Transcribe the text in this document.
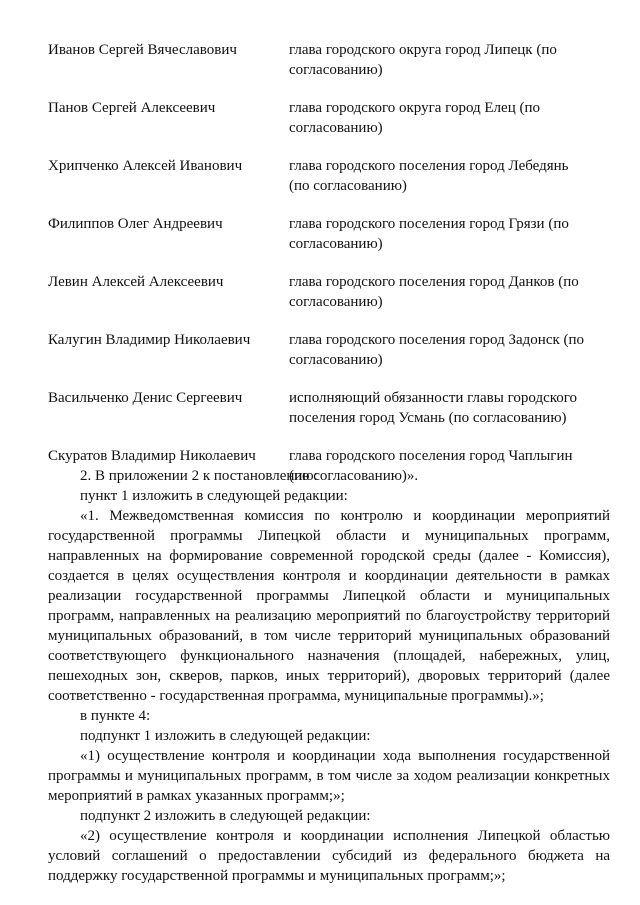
Иванов Сергей Вячеславович	глава городского округа город Липецк (по согласованию)
Панов Сергей Алексеевич	глава городского округа город Елец (по согласованию)
Хрипченко Алексей Иванович	глава городского поселения город Лебедянь (по согласованию)
Филиппов Олег Андреевич	глава городского поселения город Грязи (по согласованию)
Левин Алексей Алексеевич	глава городского поселения город Данков (по согласованию)
Калугин Владимир Николаевич	глава городского поселения город Задонск (по согласованию)
Васильченко Денис Сергеевич	исполняющий обязанности главы городского поселения город Усмань (по согласованию)
Скуратов Владимир Николаевич	глава городского поселения город Чаплыгин (по согласованию)».

2. В приложении 2 к постановлению:

пункт 1 изложить в следующей редакции:

«1. Межведомственная комиссия по контролю и координации мероприятий государственной программы Липецкой области и муниципальных программ, направленных на формирование современной городской среды (далее - Комиссия), создается в целях осуществления контроля и координации деятельности в рамках реализации государственной программы Липецкой области и муниципальных программ, направленных на реализацию мероприятий по благоустройству территорий муниципальных образований, в том числе территорий муниципальных образований соответствующего функционального назначения (площадей, набережных, улиц, пешеходных зон, скверов, парков, иных территорий), дворовых территорий (далее соответственно - государственная программа, муниципальные программы).»;

в пункте 4:

подпункт 1 изложить в следующей редакции:

«1) осуществление контроля и координации хода выполнения государственной программы и муниципальных программ, в том числе за ходом реализации конкретных мероприятий в рамках указанных программ;»;

подпункт 2 изложить в следующей редакции:

«2) осуществление контроля и координации исполнения Липецкой областью условий соглашений о предоставлении субсидий из федерального бюджета на поддержку государственной программы и муниципальных программ;»;
